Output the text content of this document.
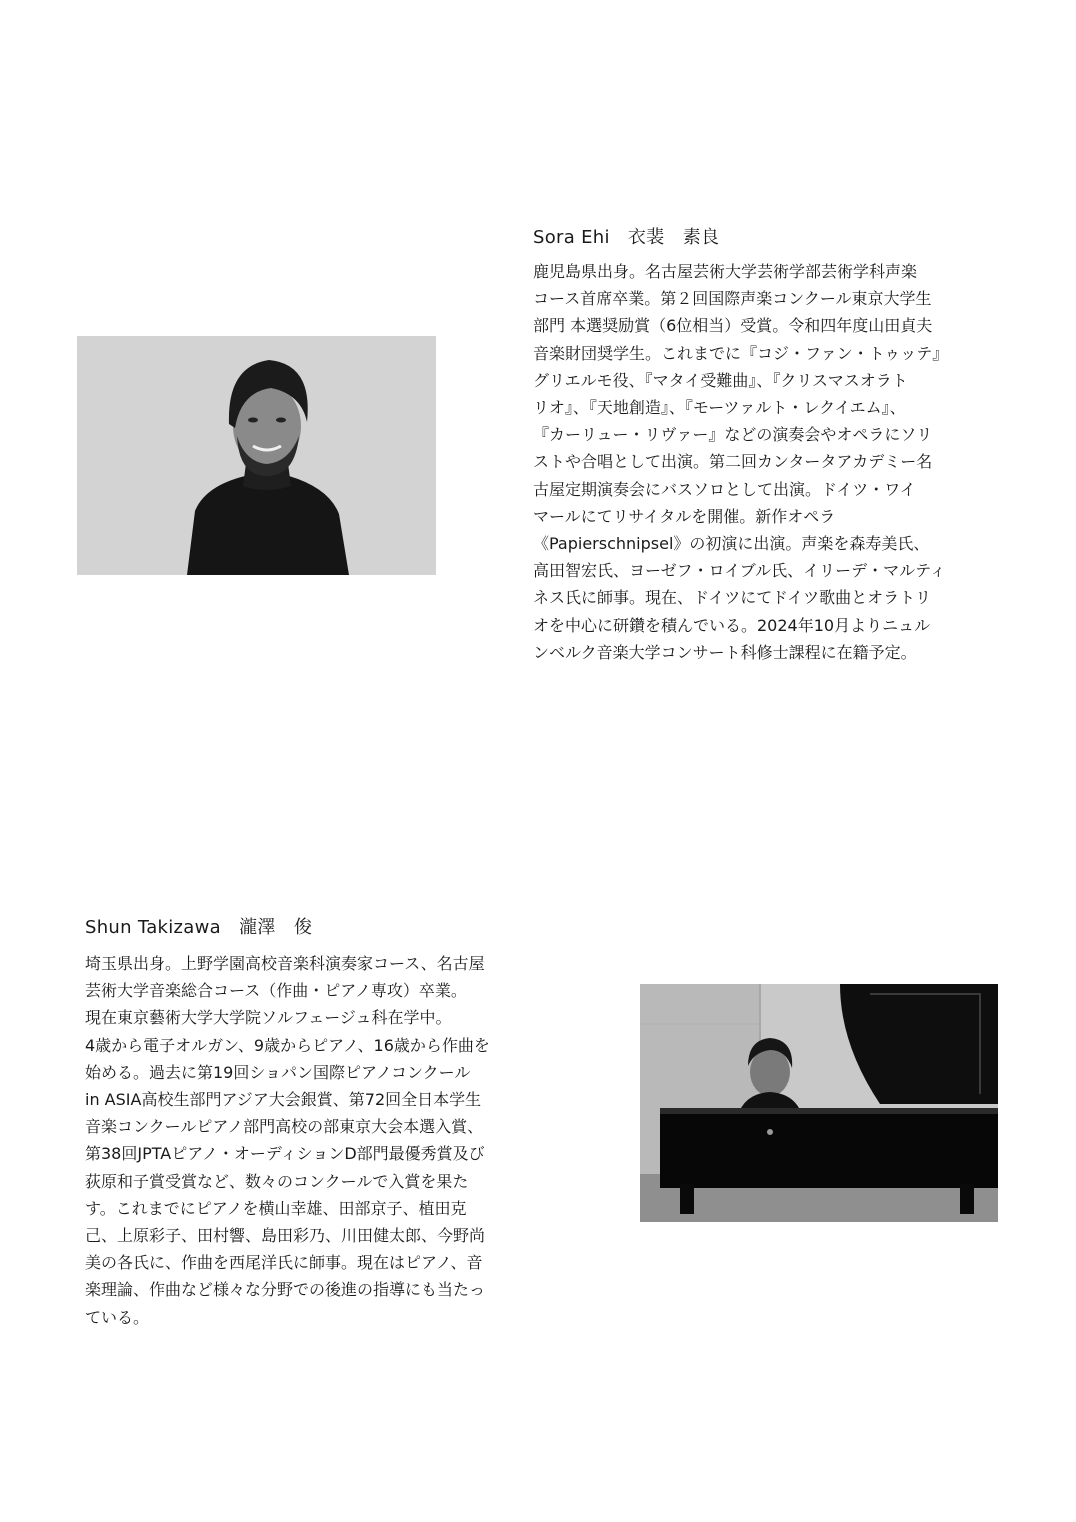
Sora Ehi 衣裴　素良

鹿児島県出身。名古屋芸術大学芸術学部芸術学科声楽
コース首席卒業。第２回国際声楽コンクール東京大学生
部門 本選奨励賞（6位相当）受賞。令和四年度山田貞夫
音楽財団奨学生。これまでに『コジ・ファン・トゥッテ』
グリエルモ役、『マタイ受難曲』、『クリスマスオラト
リオ』、『天地創造』、『モーツァルト・レクイエム』、
『カーリュー・リヴァー』などの演奏会やオペラにソリ
ストや合唱として出演。第二回カンタータアカデミー名
古屋定期演奏会にバスソロとして出演。ドイツ・ワイ
マールにてリサイタルを開催。新作オペラ
《Papierschnipsel》の初演に出演。声楽を森寿美氏、
高田智宏氏、ヨーゼフ・ロイブル氏、イリーデ・マルティ
ネス氏に師事。現在、ドイツにてドイツ歌曲とオラトリ
オを中心に研鑽を積んでいる。2024年10月よりニュル
ンベルク音楽大学コンサート科修士課程に在籍予定。

Shun Takizawa 瀧澤　俊

埼玉県出身。上野学園高校音楽科演奏家コース、名古屋
芸術大学音楽総合コース（作曲・ピアノ専攻）卒業。
現在東京藝術大学大学院ソルフェージュ科在学中。
4歳から電子オルガン、9歳からピアノ、16歳から作曲を
始める。過去に第19回ショパン国際ピアノコンクール
in ASIA高校生部門アジア大会銀賞、第72回全日本学生
音楽コンクールピアノ部門高校の部東京大会本選入賞、
第38回JPTAピアノ・オーディションD部門最優秀賞及び
荻原和子賞受賞など、数々のコンクールで入賞を果た
す。これまでにピアノを横山幸雄、田部京子、植田克
己、上原彩子、田村響、島田彩乃、川田健太郎、今野尚
美の各氏に、作曲を西尾洋氏に師事。現在はピアノ、音
楽理論、作曲など様々な分野での後進の指導にも当たっ
ている。
